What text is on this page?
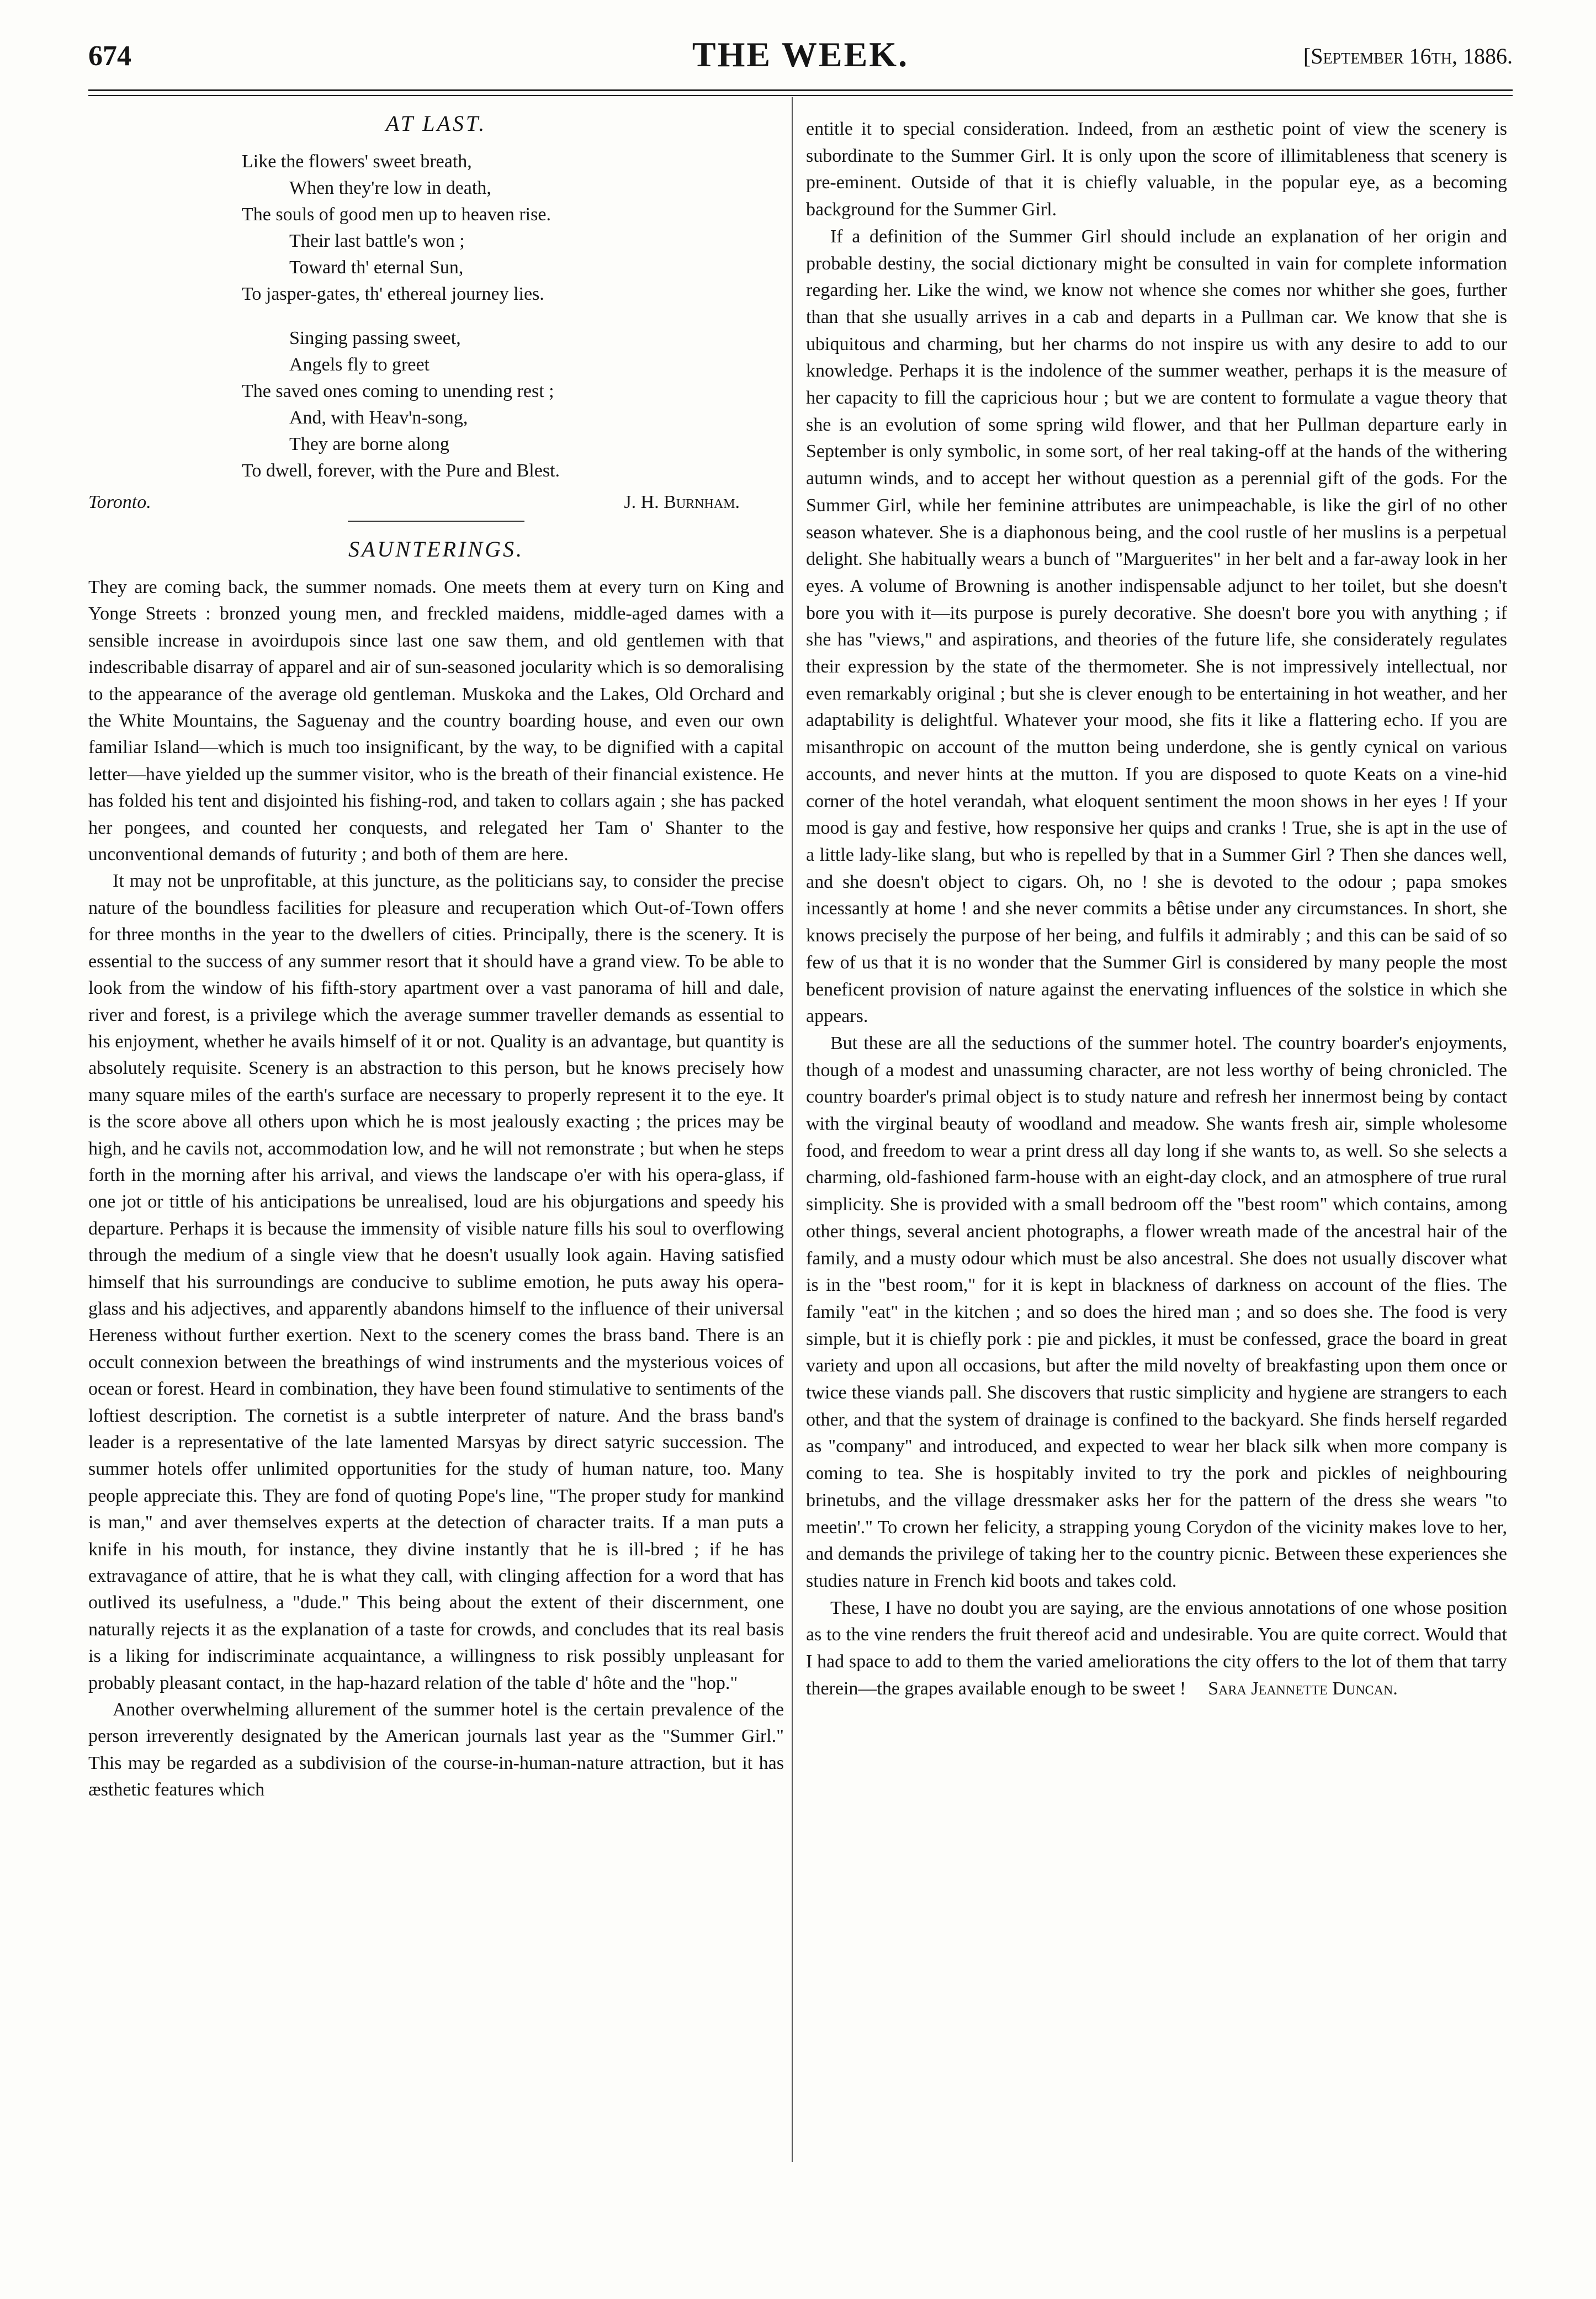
674	THE WEEK.	[September 16th, 1886.
AT LAST.
Like the flowers' sweet breath,
When they're low in death,
The souls of good men up to heaven rise.
Their last battle's won ;
Toward th' eternal Sun,
To jasper-gates, th' ethereal journey lies.
Singing passing sweet,
Angels fly to greet
The saved ones coming to unending rest ;
And, with Heav'n-song,
They are borne along
To dwell, forever, with the Pure and Blest.
Toronto.	J. H. Burnham.
SAUNTERINGS.

They are coming back, the summer nomads. One meets them at every turn on King and Yonge Streets : bronzed young men, and freckled maidens, middle-aged dames with a sensible increase in avoirdupois since last one saw them, and old gentlemen with that indescribable disarray of apparel and air of sun-seasoned jocularity which is so demoralising to the appearance of the average old gentleman. Muskoka and the Lakes, Old Orchard and the White Mountains, the Saguenay and the country boarding house, and even our own familiar Island—which is much too insignificant, by the way, to be dignified with a capital letter—have yielded up the summer visitor, who is the breath of their financial existence. He has folded his tent and disjointed his fishing-rod, and taken to collars again ; she has packed her pongees, and counted her conquests, and relegated her Tam o' Shanter to the unconventional demands of futurity ; and both of them are here.

It may not be unprofitable, at this juncture, as the politicians say, to consider the precise nature of the boundless facilities for pleasure and recuperation which Out-of-Town offers for three months in the year to the dwellers of cities. Principally, there is the scenery. It is essential to the success of any summer resort that it should have a grand view. To be able to look from the window of his fifth-story apartment over a vast panorama of hill and dale, river and forest, is a privilege which the average summer traveller demands as essential to his enjoyment, whether he avails himself of it or not. Quality is an advantage, but quantity is absolutely requisite. Scenery is an abstraction to this person, but he knows precisely how many square miles of the earth's surface are necessary to properly represent it to the eye. It is the score above all others upon which he is most jealously exacting ; the prices may be high, and he cavils not, accommodation low, and he will not remonstrate ; but when he steps forth in the morning after his arrival, and views the landscape o'er with his opera-glass, if one jot or tittle of his anticipations be unrealised, loud are his objurgations and speedy his departure. Perhaps it is because the immensity of visible nature fills his soul to overflowing through the medium of a single view that he doesn't usually look again. Having satisfied himself that his surroundings are conducive to sublime emotion, he puts away his opera-glass and his adjectives, and apparently abandons himself to the influence of their universal Hereness without further exertion. Next to the scenery comes the brass band. There is an occult connexion between the breathings of wind instruments and the mysterious voices of ocean or forest. Heard in combination, they have been found stimulative to sentiments of the loftiest description. The cornetist is a subtle interpreter of nature. And the brass band's leader is a representative of the late lamented Marsyas by direct satyric succession. The summer hotels offer unlimited opportunities for the study of human nature, too. Many people appreciate this. They are fond of quoting Pope's line, "The proper study for mankind is man," and aver themselves experts at the detection of character traits. If a man puts a knife in his mouth, for instance, they divine instantly that he is ill-bred ; if he has extravagance of attire, that he is what they call, with clinging affection for a word that has outlived its usefulness, a "dude." This being about the extent of their discernment, one naturally rejects it as the explanation of a taste for crowds, and concludes that its real basis is a liking for indiscriminate acquaintance, a willingness to risk possibly unpleasant for probably pleasant contact, in the hap-hazard relation of the table d' hôte and the "hop."

Another overwhelming allurement of the summer hotel is the certain prevalence of the person irreverently designated by the American journals last year as the "Summer Girl." This may be regarded as a subdivision of the course-in-human-nature attraction, but it has æsthetic features which

entitle it to special consideration. Indeed, from an æsthetic point of view the scenery is subordinate to the Summer Girl. It is only upon the score of illimitableness that scenery is pre-eminent. Outside of that it is chiefly valuable, in the popular eye, as a becoming background for the Summer Girl.

If a definition of the Summer Girl should include an explanation of her origin and probable destiny, the social dictionary might be consulted in vain for complete information regarding her. Like the wind, we know not whence she comes nor whither she goes, further than that she usually arrives in a cab and departs in a Pullman car. We know that she is ubiquitous and charming, but her charms do not inspire us with any desire to add to our knowledge. Perhaps it is the indolence of the summer weather, perhaps it is the measure of her capacity to fill the capricious hour ; but we are content to formulate a vague theory that she is an evolution of some spring wild flower, and that her Pullman departure early in September is only symbolic, in some sort, of her real taking-off at the hands of the withering autumn winds, and to accept her without question as a perennial gift of the gods. For the Summer Girl, while her feminine attributes are unimpeachable, is like the girl of no other season whatever. She is a diaphonous being, and the cool rustle of her muslins is a perpetual delight. She habitually wears a bunch of "Marguerites" in her belt and a far-away look in her eyes. A volume of Browning is another indispensable adjunct to her toilet, but she doesn't bore you with it—its purpose is purely decorative. She doesn't bore you with anything ; if she has "views," and aspirations, and theories of the future life, she considerately regulates their expression by the state of the thermometer. She is not impressively intellectual, nor even remarkably original ; but she is clever enough to be entertaining in hot weather, and her adaptability is delightful. Whatever your mood, she fits it like a flattering echo. If you are misanthropic on account of the mutton being underdone, she is gently cynical on various accounts, and never hints at the mutton. If you are disposed to quote Keats on a vine-hid corner of the hotel verandah, what eloquent sentiment the moon shows in her eyes ! If your mood is gay and festive, how responsive her quips and cranks ! True, she is apt in the use of a little lady-like slang, but who is repelled by that in a Summer Girl ? Then she dances well, and she doesn't object to cigars. Oh, no ! she is devoted to the odour ; papa smokes incessantly at home ! and she never commits a bêtise under any circumstances. In short, she knows precisely the purpose of her being, and fulfils it admirably ; and this can be said of so few of us that it is no wonder that the Summer Girl is considered by many people the most beneficent provision of nature against the enervating influences of the solstice in which she appears.

But these are all the seductions of the summer hotel. The country boarder's enjoyments, though of a modest and unassuming character, are not less worthy of being chronicled. The country boarder's primal object is to study nature and refresh her innermost being by contact with the virginal beauty of woodland and meadow. She wants fresh air, simple wholesome food, and freedom to wear a print dress all day long if she wants to, as well. So she selects a charming, old-fashioned farm-house with an eight-day clock, and an atmosphere of true rural simplicity. She is provided with a small bedroom off the "best room" which contains, among other things, several ancient photographs, a flower wreath made of the ancestral hair of the family, and a musty odour which must be also ancestral. She does not usually discover what is in the "best room," for it is kept in blackness of darkness on account of the flies. The family "eat" in the kitchen ; and so does the hired man ; and so does she. The food is very simple, but it is chiefly pork : pie and pickles, it must be confessed, grace the board in great variety and upon all occasions, but after the mild novelty of breakfasting upon them once or twice these viands pall. She discovers that rustic simplicity and hygiene are strangers to each other, and that the system of drainage is confined to the backyard. She finds herself regarded as "company" and introduced, and expected to wear her black silk when more company is coming to tea. She is hospitably invited to try the pork and pickles of neighbouring brinetubs, and the village dressmaker asks her for the pattern of the dress she wears "to meetin'." To crown her felicity, a strapping young Corydon of the vicinity makes love to her, and demands the privilege of taking her to the country picnic. Between these experiences she studies nature in French kid boots and takes cold.

These, I have no doubt you are saying, are the envious annotations of one whose position as to the vine renders the fruit thereof acid and undesirable. You are quite correct. Would that I had space to add to them the varied ameliorations the city offers to the lot of them that tarry therein—the grapes available enough to be sweet ! Sara Jeannette Duncan.
